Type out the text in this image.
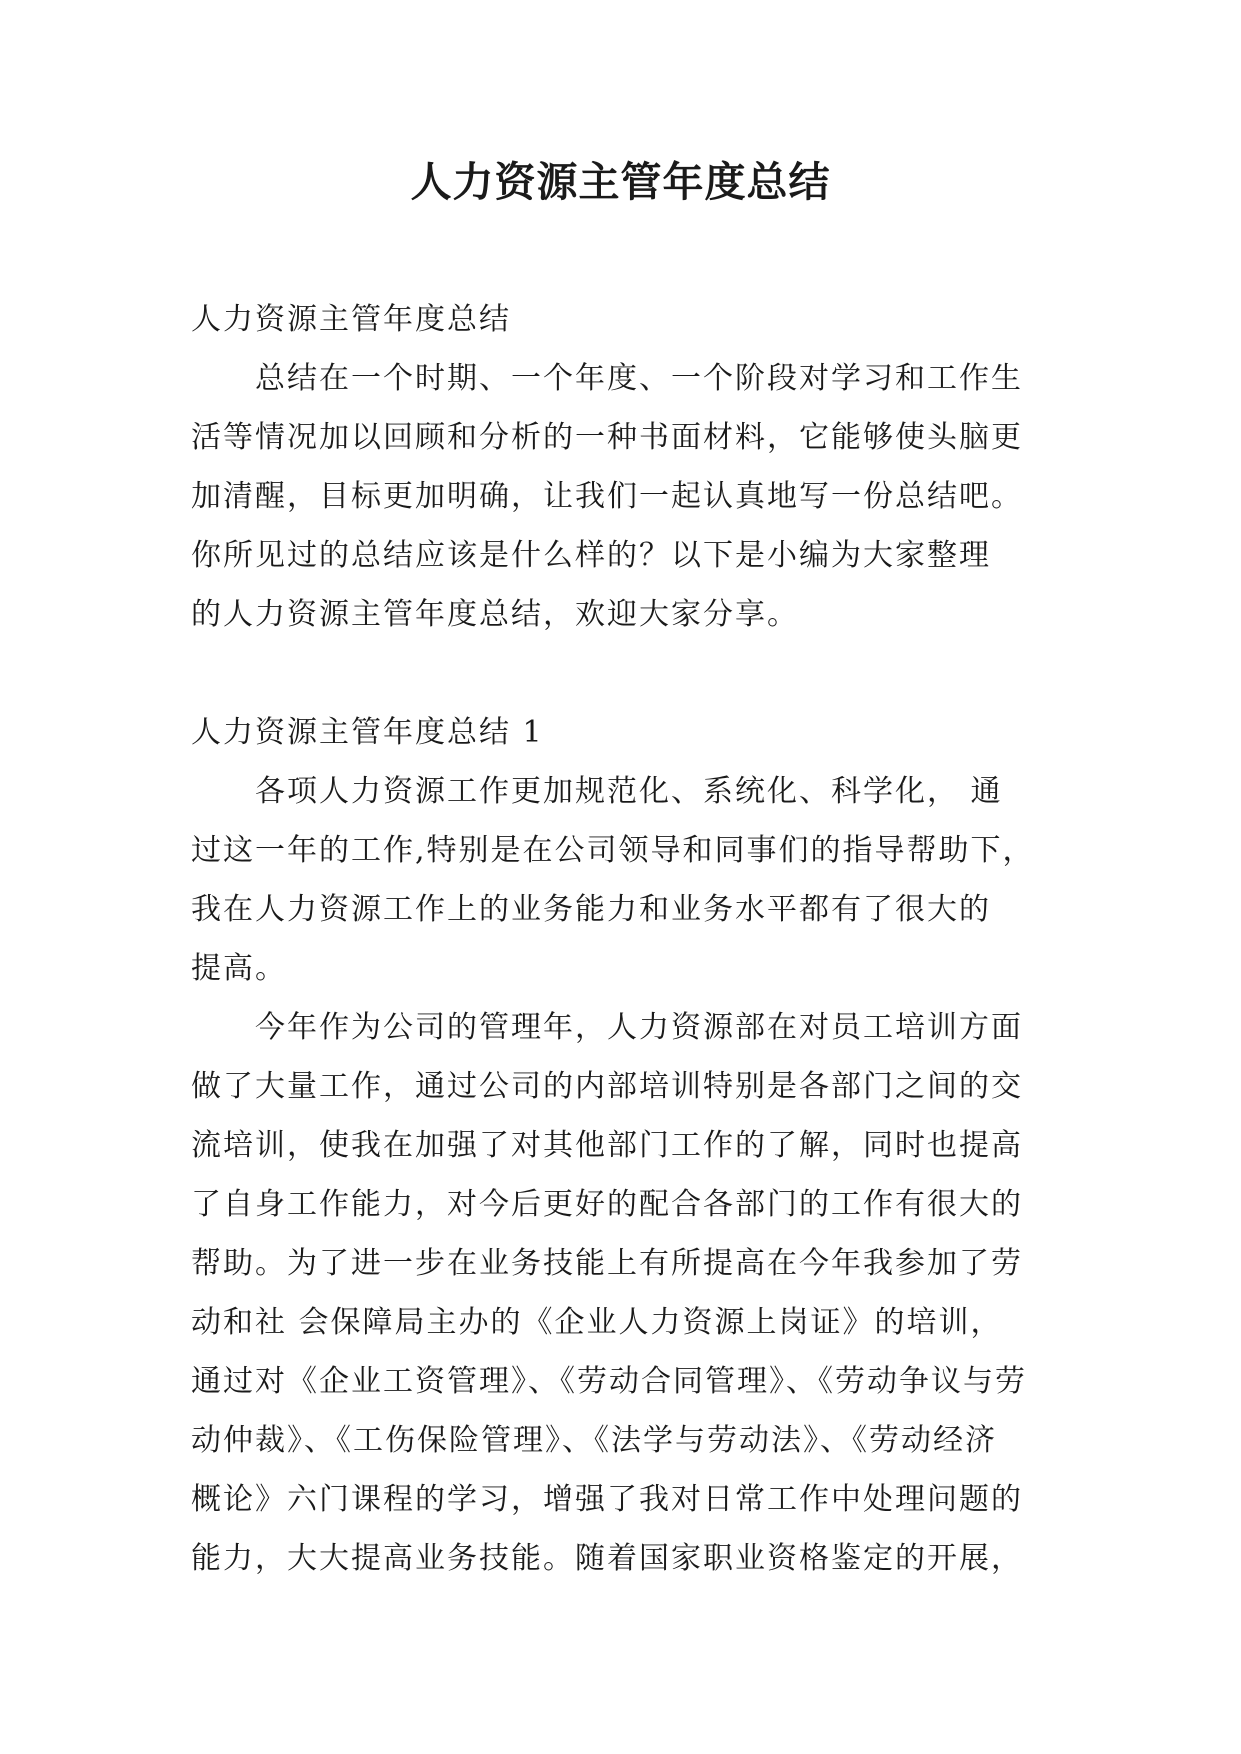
人力资源主管年度总结
人力资源主管年度总结
总结在一个时期、一个年度、一个阶段对学习和工作生
活等情况加以回顾和分析的一种书面材料，它能够使头脑更
加清醒，目标更加明确，让我们一起认真地写一份总结吧。
你所见过的总结应该是什么样的？以下是小编为大家整理
的人力资源主管年度总结，欢迎大家分享。
人力资源主管年度总结 1
各项人力资源工作更加规范化、系统化、科学化， 通
过这一年的工作,特别是在公司领导和同事们的指导帮助下，
我在人力资源工作上的业务能力和业务水平都有了很大的
提高。
今年作为公司的管理年，人力资源部在对员工培训方面
做了大量工作，通过公司的内部培训特别是各部门之间的交
流培训，使我在加强了对其他部门工作的了解，同时也提高
了自身工作能力，对今后更好的配合各部门的工作有很大的
帮助。为了进一步在业务技能上有所提高在今年我参加了劳
动和社 会保障局主办的《企业人力资源上岗证》的培训，
通过对《企业工资管理》、《劳动合同管理》、《劳动争议与劳
动仲裁》、《工伤保险管理》、《法学与劳动法》、《劳动经济
概论》六门课程的学习，增强了我对日常工作中处理问题的
能力，大大提高业务技能。随着国家职业资格鉴定的开展，
